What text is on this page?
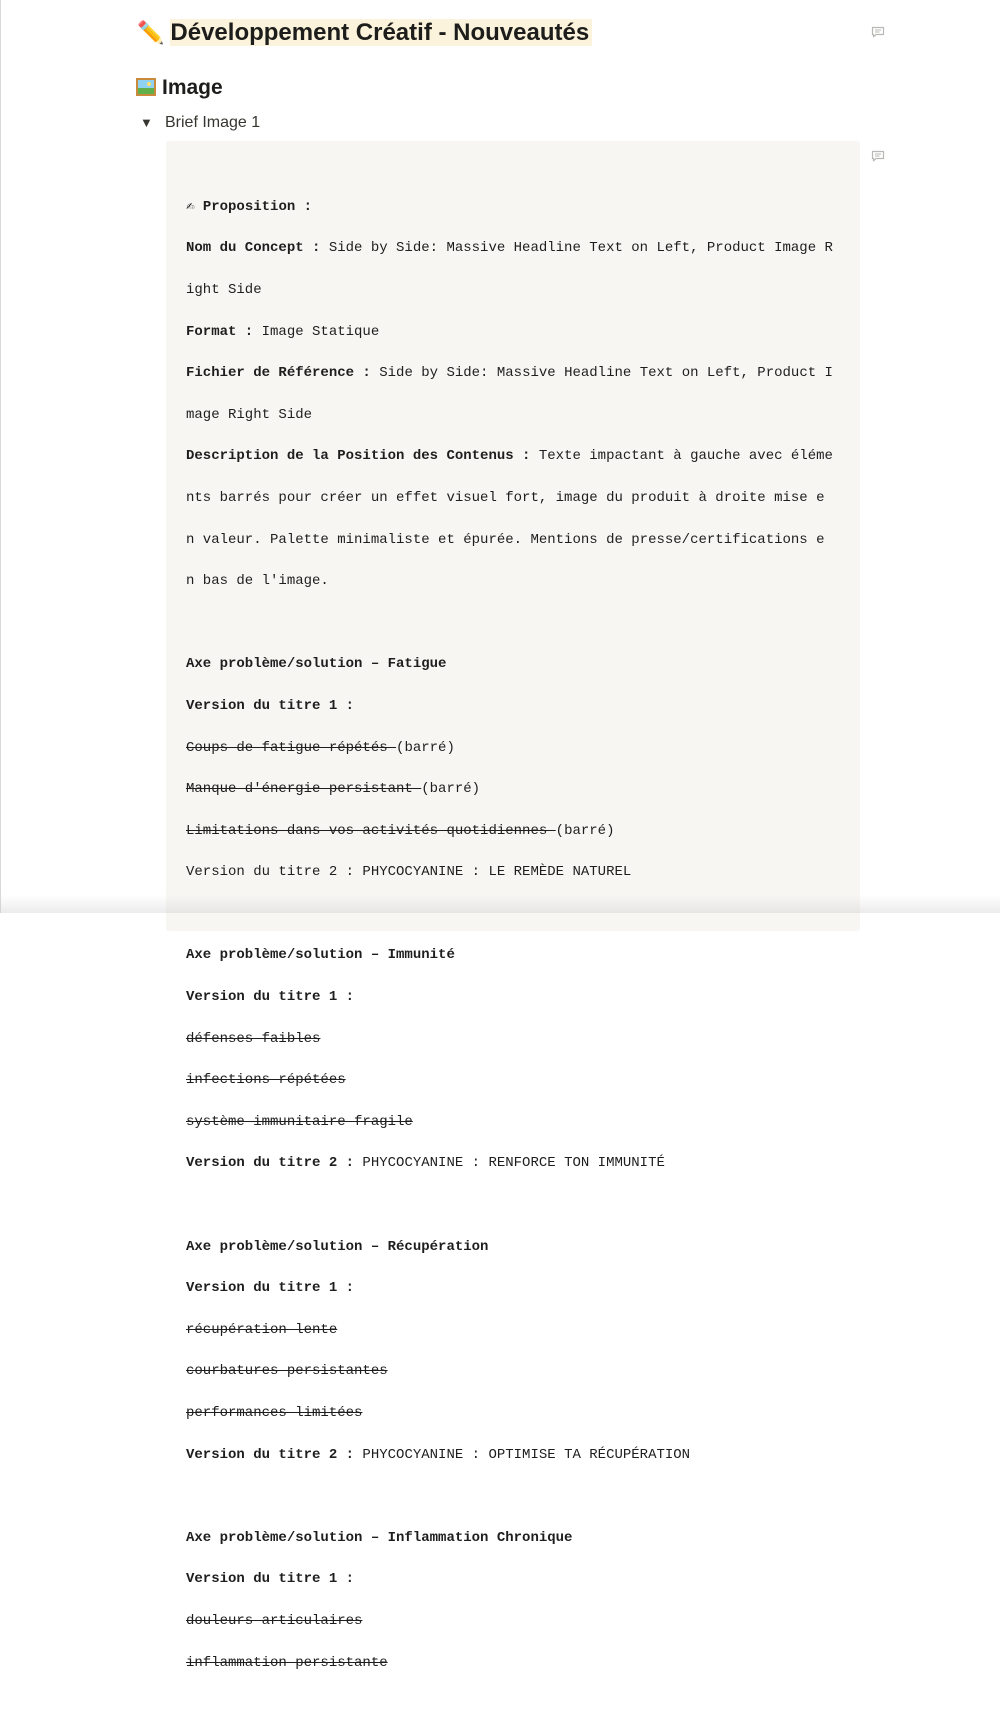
✏️ Développement Créatif - Nouveautés
Image
▼ Brief Image 1

✍ Proposition :

Nom du Concept : Side by Side: Massive Headline Text on Left, Product Image R

ight Side

Format : Image Statique

Fichier de Référence : Side by Side: Massive Headline Text on Left, Product I

mage Right Side

Description de la Position des Contenus : Texte impactant à gauche avec éléme

nts barrés pour créer un effet visuel fort, image du produit à droite mise e

n valeur. Palette minimaliste et épurée. Mentions de presse/certifications e

n bas de l'image.

Axe problème/solution – Fatigue

Version du titre 1 :

Coups de fatigue répétés (barré)

Manque d'énergie persistant (barré)

Limitations dans vos activités quotidiennes (barré)

Version du titre 2 : PHYCOCYANINE : LE REMÈDE NATUREL

Axe problème/solution – Immunité

Version du titre 1 :

défenses faibles

infections répétées

système immunitaire fragile

Version du titre 2 : PHYCOCYANINE : RENFORCE TON IMMUNITÉ

Axe problème/solution – Récupération

Version du titre 1 :

récupération lente

courbatures persistantes

performances limitées

Version du titre 2 : PHYCOCYANINE : OPTIMISE TA RÉCUPÉRATION

Axe problème/solution – Inflammation Chronique

Version du titre 1 :

douleurs articulaires

inflammation persistante
